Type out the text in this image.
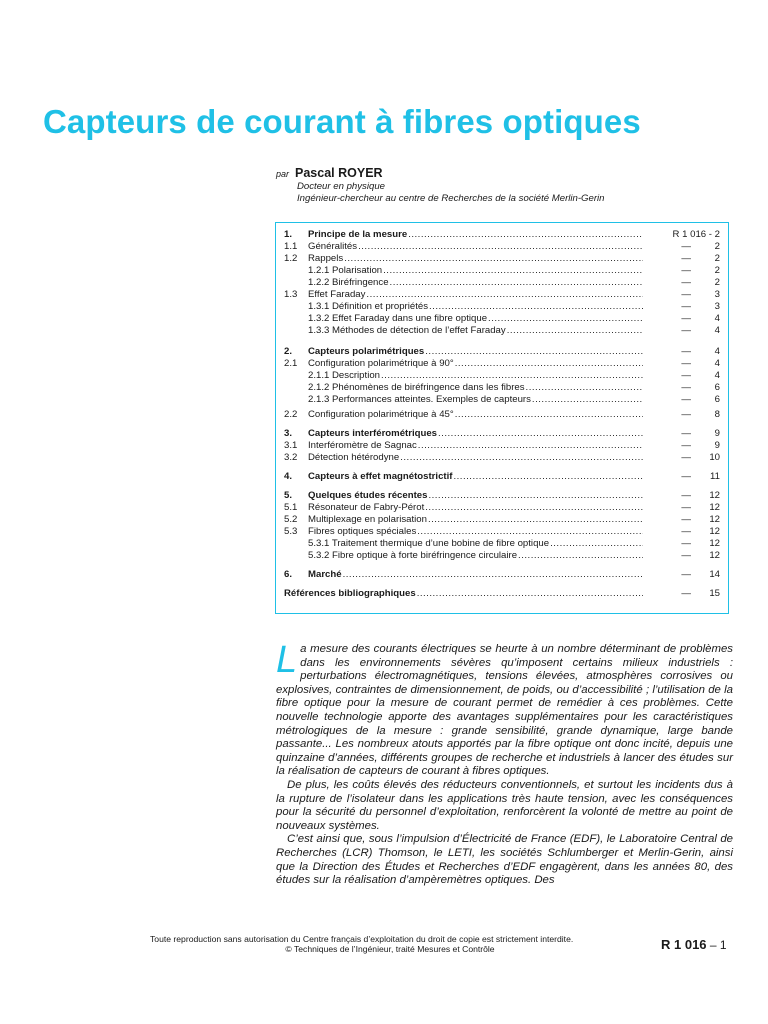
Capteurs de courant à fibres optiques
par Pascal ROYER
Docteur en physique
Ingénieur-chercheur au centre de Recherches de la société Merlin-Gerin
1. Principe de la mesure .....	R 1 016 - 2
1.1 Généralités .....	— 2
1.2 Rappels .....	— 2
1.2.1 Polarisation .....	— 2
1.2.2 Biréfringence .....	— 2
1.3 Effet Faraday .....	— 3
1.3.1 Définition et propriétés .....	— 3
1.3.2 Effet Faraday dans une fibre optique .....	— 4
1.3.3 Méthodes de détection de l’effet Faraday .....	— 4
2. Capteurs polarimétriques .....	— 4
2.1 Configuration polarimétrique à 90° .....	— 4
2.1.1 Description .....	— 4
2.1.2 Phénomènes de biréfringence dans les fibres .....	— 6
2.1.3 Performances atteintes. Exemples de capteurs .....	— 6
2.2 Configuration polarimétrique à 45° .....	— 8
3. Capteurs interférométriques .....	— 9
3.1 Interféromètre de Sagnac .....	— 9
3.2 Détection hétérodyne .....	— 10
4. Capteurs à effet magnétostrictif .....	— 11
5. Quelques études récentes .....	— 12
5.1 Résonateur de Fabry-Pérot .....	— 12
5.2 Multiplexage en polarisation .....	— 12
5.3 Fibres optiques spéciales .....	— 12
5.3.1 Traitement thermique d’une bobine de fibre optique .....	— 12
5.3.2 Fibre optique à forte biréfringence circulaire .....	— 12
6. Marché .....	— 14
Références bibliographiques .....	— 15

La mesure des courants électriques se heurte à un nombre déterminant de problèmes dans les environnements sévères qu’imposent certains milieux industriels : perturbations électromagnétiques, tensions élevées, atmosphères corrosives ou explosives, contraintes de dimensionnement, de poids, ou d’accessibilité ; l’utilisation de la fibre optique pour la mesure de courant permet de remédier à ces problèmes. Cette nouvelle technologie apporte des avantages supplémentaires pour les caractéristiques métrologiques de la mesure : grande sensibilité, grande dynamique, large bande passante... Les nombreux atouts apportés par la fibre optique ont donc incité, depuis une quinzaine d’années, différents groupes de recherche et industriels à lancer des études sur la réalisation de capteurs de courant à fibres optiques.

De plus, les coûts élevés des réducteurs conventionnels, et surtout les incidents dus à la rupture de l’isolateur dans les applications très haute tension, avec les conséquences pour la sécurité du personnel d’exploitation, renforcèrent la volonté de mettre au point de nouveaux systèmes.

C’est ainsi que, sous l’impulsion d’Électricité de France (EDF), le Laboratoire Central de Recherches (LCR) Thomson, le LETI, les sociétés Schlumberger et Merlin-Gerin, ainsi que la Direction des Études et Recherches d’EDF engagèrent, dans les années 80, des études sur la réalisation d’ampèremètres optiques. Des

Toute reproduction sans autorisation du Centre français d’exploitation du droit de copie est strictement interdite.
© Techniques de l’Ingénieur, traité Mesures et Contrôle	R 1 016 – 1
